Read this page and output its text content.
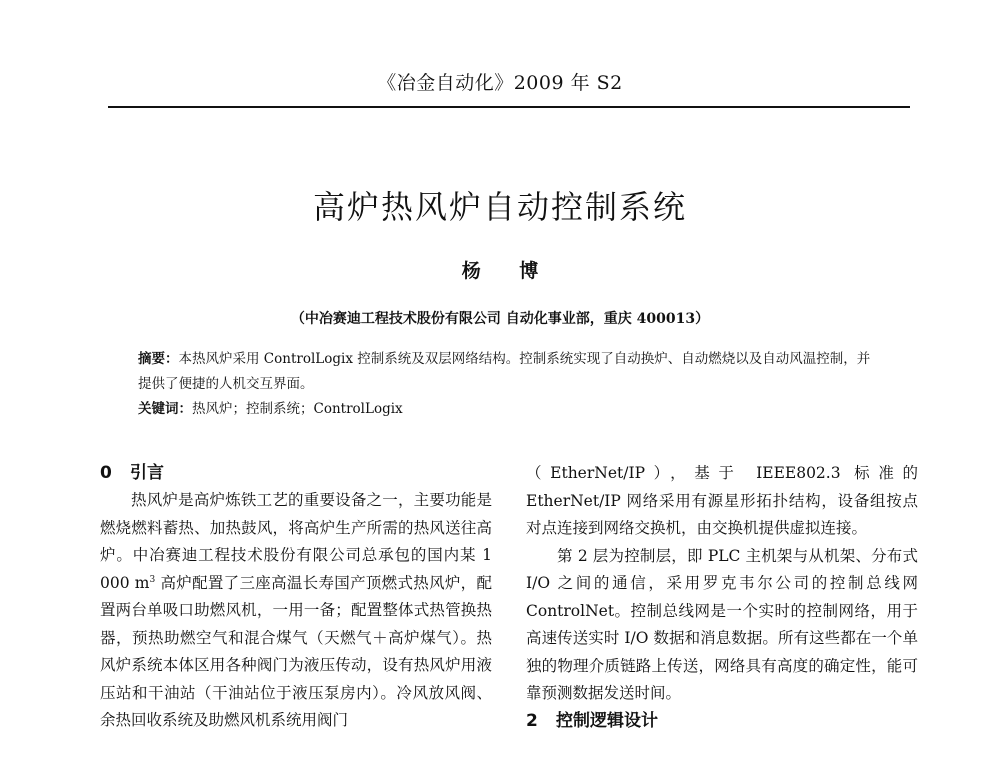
《冶金自动化》2009 年 S2
高炉热风炉自动控制系统
杨 博
（中冶赛迪工程技术股份有限公司 自动化事业部，重庆 400013）

摘要：本热风炉采用 ControlLogix 控制系统及双层网络结构。控制系统实现了自动换炉、自动燃烧以及自动风温控制，并提供了便捷的人机交互界面。

关键词：热风炉；控制系统；ControlLogix

0 引言

热风炉是高炉炼铁工艺的重要设备之一，主要功能是燃烧燃料蓄热、加热鼓风，将高炉生产所需的热风送往高炉。中冶赛迪工程技术股份有限公司总承包的国内某 1 000 $m^3$ 高炉配置了三座高温长寿国产顶燃式热风炉，配置两台单吸口助燃风机，一用一备；配置整体式热管换热器，预热助燃空气和混合煤气（天燃气＋高炉煤气）。热风炉系统本体区用各种阀门为液压传动，设有热风炉用液压站和干油站（干油站位于液压泵房内）。冷风放风阀、余热回收系统及助燃风机系统用阀门

（EtherNet/IP），基于 IEEE802.3 标准的 EtherNet/IP 网络采用有源星形拓扑结构，设备组按点对点连接到网络交换机，由交换机提供虚拟连接。

第 2 层为控制层，即 PLC 主机架与从机架、分布式 I/O 之间的通信，采用罗克韦尔公司的控制总线网 ControlNet。控制总线网是一个实时的控制网络，用于高速传送实时 I/O 数据和消息数据。所有这些都在一个单独的物理介质链路上传送，网络具有高度的确定性，能可靠预测数据发送时间。

2 控制逻辑设计
